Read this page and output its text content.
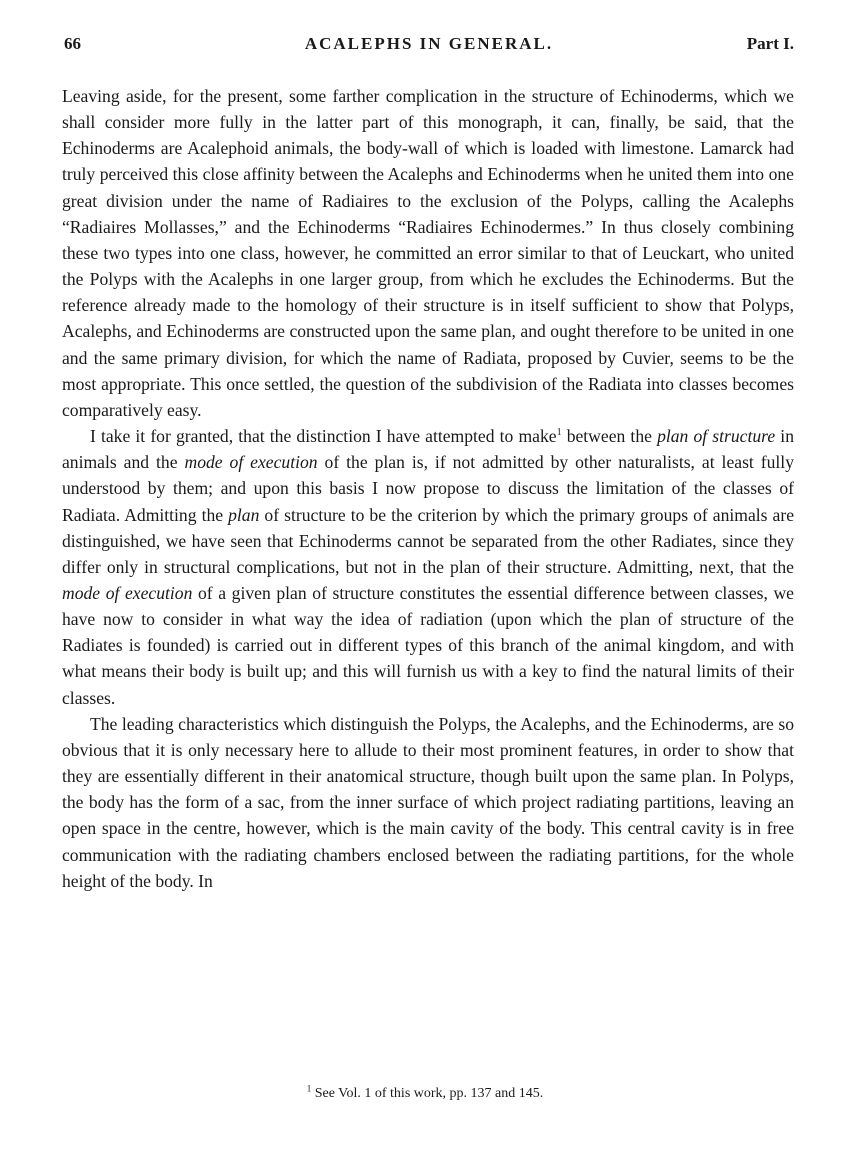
66	ACALEPHS IN GENERAL.	Part I.

Leaving aside, for the present, some farther complication in the structure of Echinoderms, which we shall consider more fully in the latter part of this monograph, it can, finally, be said, that the Echinoderms are Acalephoid animals, the body-wall of which is loaded with limestone. Lamarck had truly perceived this close affinity between the Acalephs and Echinoderms when he united them into one great division under the name of Radiaires to the exclusion of the Polyps, calling the Acalephs “Radiaires Mollasses,” and the Echinoderms “Radiaires Echinodermes.” In thus closely combining these two types into one class, however, he committed an error similar to that of Leuckart, who united the Polyps with the Acalephs in one larger group, from which he excludes the Echinoderms. But the reference already made to the homology of their structure is in itself sufficient to show that Polyps, Acalephs, and Echinoderms are constructed upon the same plan, and ought therefore to be united in one and the same primary division, for which the name of Radiata, proposed by Cuvier, seems to be the most appropriate. This once settled, the question of the subdivision of the Radiata into classes becomes comparatively easy.

I take it for granted, that the distinction I have attempted to make$^1$ between the plan of structure in animals and the mode of execution of the plan is, if not admitted by other naturalists, at least fully understood by them; and upon this basis I now propose to discuss the limitation of the classes of Radiata. Admitting the plan of structure to be the criterion by which the primary groups of animals are distinguished, we have seen that Echinoderms cannot be separated from the other Radiates, since they differ only in structural complications, but not in the plan of their structure. Admitting, next, that the mode of execution of a given plan of structure constitutes the essential difference between classes, we have now to consider in what way the idea of radiation (upon which the plan of structure of the Radiates is founded) is carried out in different types of this branch of the animal kingdom, and with what means their body is built up; and this will furnish us with a key to find the natural limits of their classes.

The leading characteristics which distinguish the Polyps, the Acalephs, and the Echinoderms, are so obvious that it is only necessary here to allude to their most prominent features, in order to show that they are essentially different in their anatomical structure, though built upon the same plan. In Polyps, the body has the form of a sac, from the inner surface of which project radiating partitions, leaving an open space in the centre, however, which is the main cavity of the body. This central cavity is in free communication with the radiating chambers enclosed between the radiating partitions, for the whole height of the body. In

$^1$ See Vol. 1 of this work, pp. 137 and 145.
